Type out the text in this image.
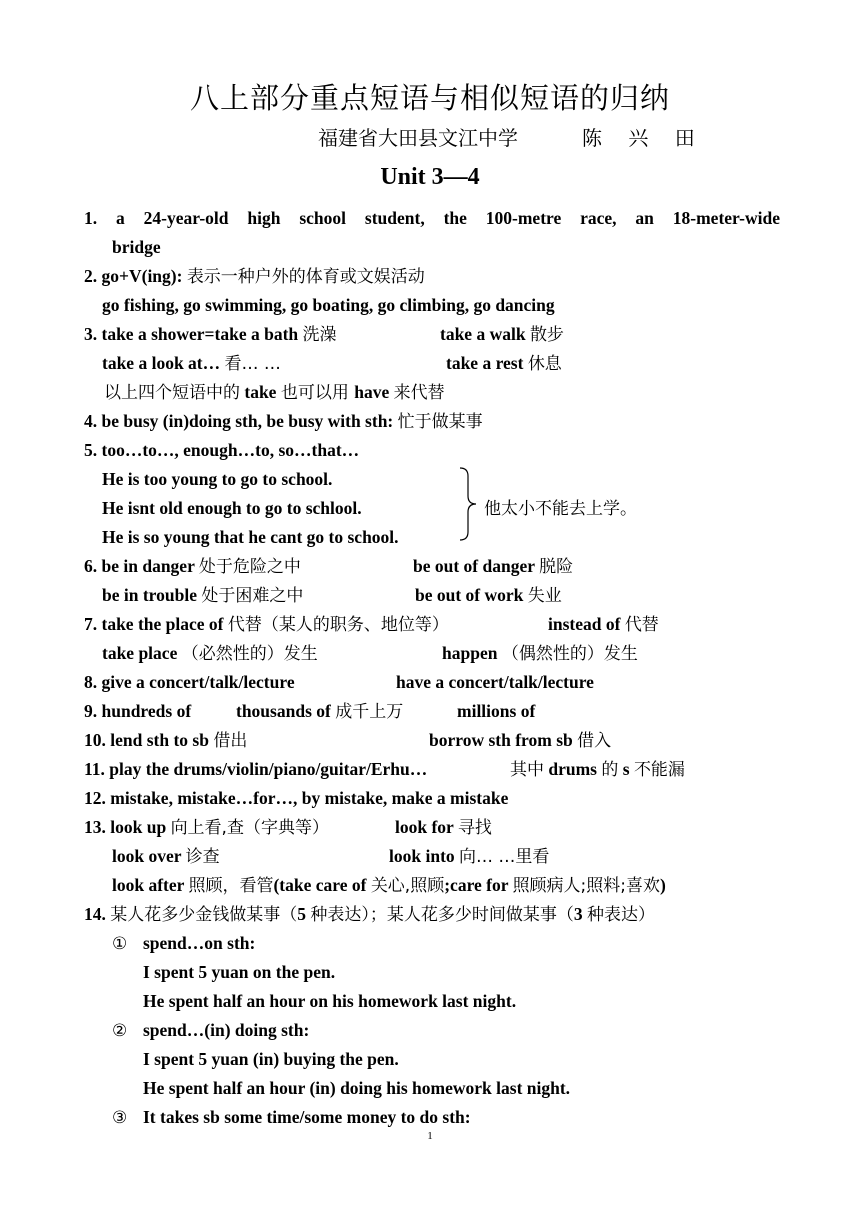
八上部分重点短语与相似短语的归纳
福建省大田县文江中学	陈 兴 田
Unit 3—4
1. a 24-year-old high school student, the 100-metre race, an 18-meter-wide
bridge
2. go+V(ing): 表示一种户外的体育或文娱活动
go fishing, go swimming, go boating, go climbing, go dancing
3. take a shower=take a bath 洗澡	take a walk 散步
take a look at… 看… …	take a rest 休息
以上四个短语中的 take 也可以用 have 来代替
4. be busy (in)doing sth, be busy with sth: 忙于做某事
5. too…to…, enough…to, so…that…
He is too young to go to school.
He isnt old enough to go to schlool.
He is so young that he cant go to school.
他太小不能去上学。
6. be in danger 处于危险之中	be out of danger 脱险
be in trouble 处于困难之中	be out of work 失业
7. take the place of 代替（某人的职务、地位等）	instead of 代替
take place （必然性的）发生	happen （偶然性的）发生
8. give a concert/talk/lecture	have a concert/talk/lecture
9. hundreds of	thousands of 成千上万	millions of
10. lend sth to sb 借出	borrow sth from sb 借入
11. play the drums/violin/piano/guitar/Erhu…	其中 drums 的 s 不能漏
12. mistake, mistake…for…, by mistake, make a mistake
13. look up 向上看,查（字典等）	look for 寻找
look over 诊查	look into 向… …里看
look after 照顾，看管(take care of 关心,照顾;care for 照顾病人;照料;喜欢)
14. 某人花多少金钱做某事（5 种表达）；某人花多少时间做某事（3 种表达）
① spend…on sth:
I spent 5 yuan on the pen.
He spent half an hour on his homework last night.
② spend…(in) doing sth:
I spent 5 yuan (in) buying the pen.
He spent half an hour (in) doing his homework last night.
③ It takes sb some time/some money to do sth:
1
